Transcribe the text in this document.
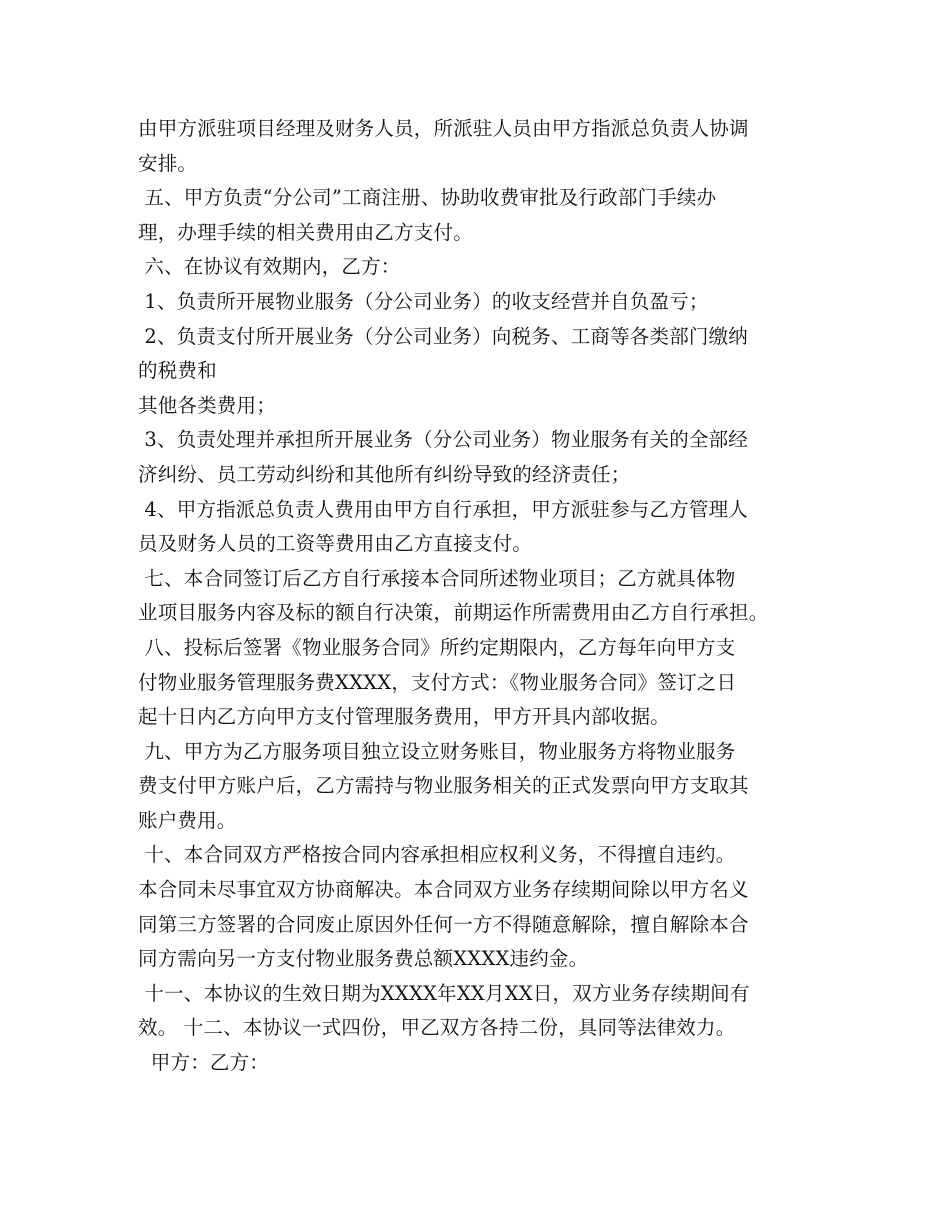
由甲方派驻项目经理及财务人员，所派驻人员由甲方指派总负责人协调
安排。
五、甲方负责“分公司”工商注册、协助收费审批及行政部门手续办
理，办理手续的相关费用由乙方支付。
六、在协议有效期内，乙方：
1、负责所开展物业服务（分公司业务）的收支经营并自负盈亏；
2、负责支付所开展业务（分公司业务）向税务、工商等各类部门缴纳
的税费和
其他各类费用；
3、负责处理并承担所开展业务（分公司业务）物业服务有关的全部经
济纠纷、员工劳动纠纷和其他所有纠纷导致的经济责任；
4、甲方指派总负责人费用由甲方自行承担，甲方派驻参与乙方管理人
员及财务人员的工资等费用由乙方直接支付。
七、本合同签订后乙方自行承接本合同所述物业项目；乙方就具体物
业项目服务内容及标的额自行决策，前期运作所需费用由乙方自行承担。
八、投标后签署《物业服务合同》所约定期限内，乙方每年向甲方支
付物业服务管理服务费XXXX，支付方式：《物业服务合同》签订之日
起十日内乙方向甲方支付管理服务费用，甲方开具内部收据。
九、甲方为乙方服务项目独立设立财务账目，物业服务方将物业服务
费支付甲方账户后，乙方需持与物业服务相关的正式发票向甲方支取其
账户费用。
十、本合同双方严格按合同内容承担相应权利义务，不得擅自违约。
本合同未尽事宜双方协商解决。本合同双方业务存续期间除以甲方名义
同第三方签署的合同废止原因外任何一方不得随意解除，擅自解除本合
同方需向另一方支付物业服务费总额XXXX违约金。
十一、本协议的生效日期为XXXX年XX月XX日，双方业务存续期间有
效。 十二、本协议一式四份，甲乙双方各持二份，具同等法律效力。
甲方：乙方：
